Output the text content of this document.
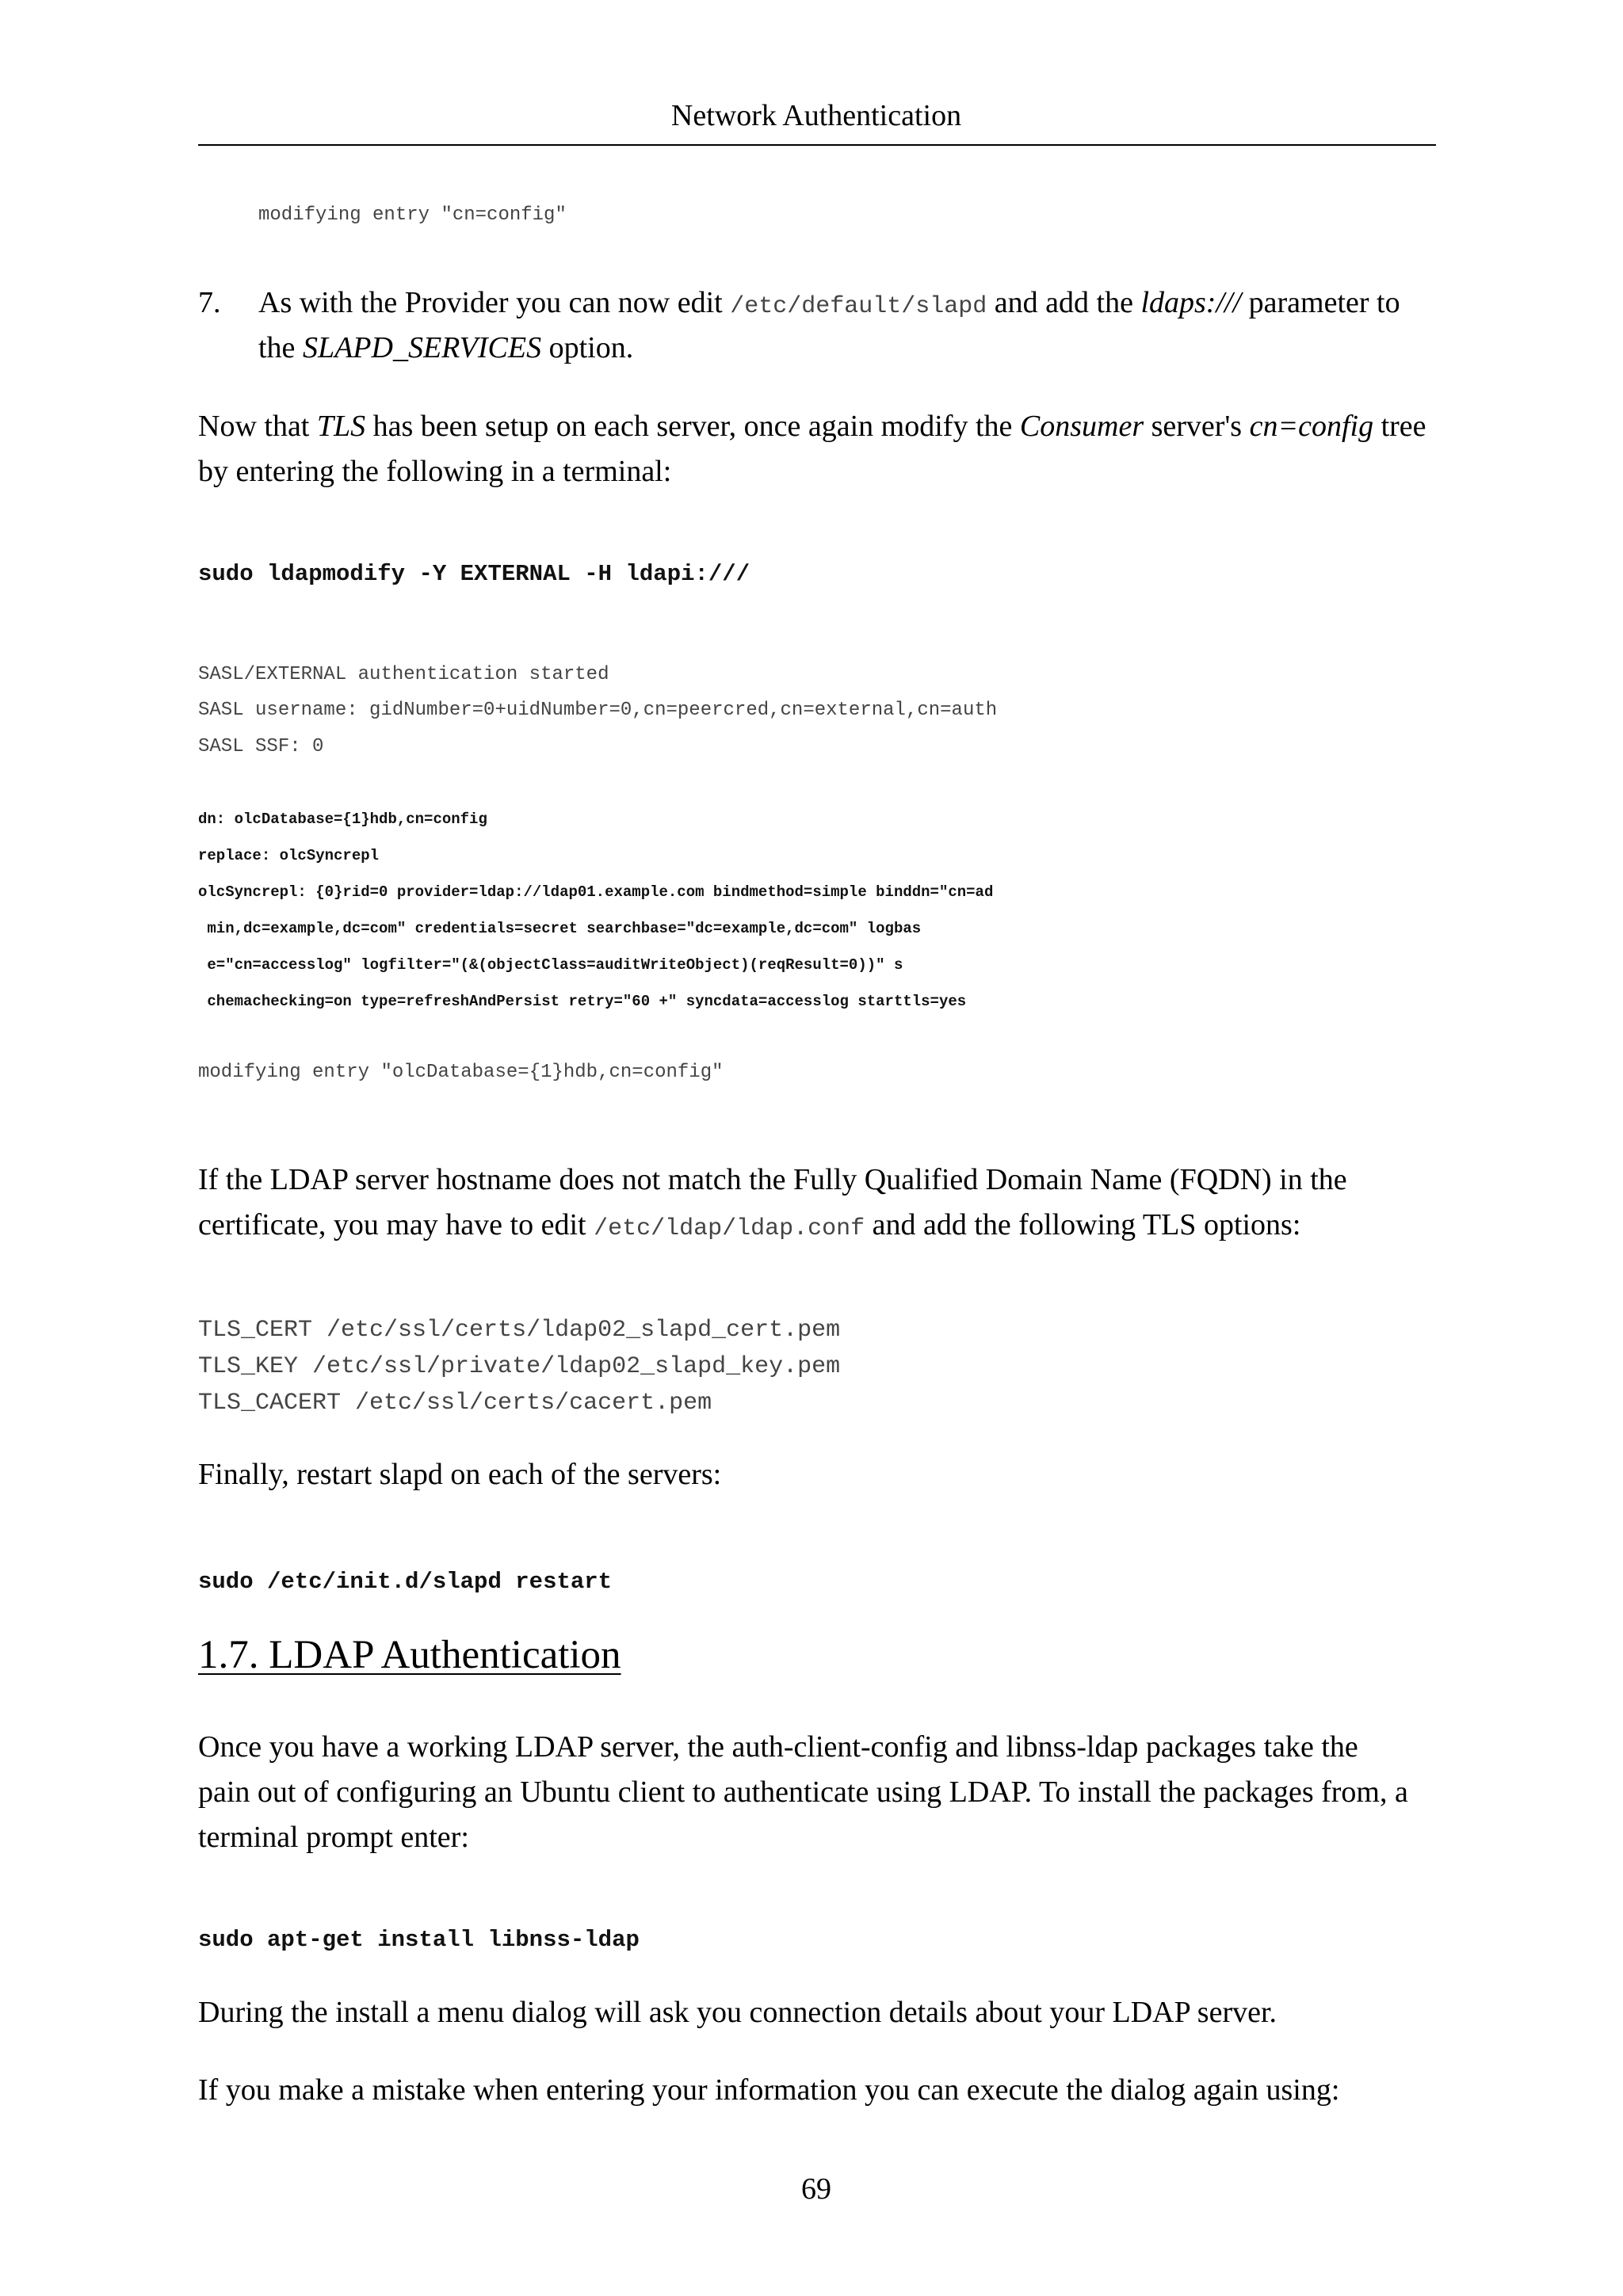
Network Authentication
modifying entry "cn=config"
7. As with the Provider you can now edit /etc/default/slapd and add the ldaps:/// parameter to
the SLAPD_SERVICES option.
Now that TLS has been setup on each server, once again modify the Consumer server's cn=config tree
by entering the following in a terminal:
sudo ldapmodify -Y EXTERNAL -H ldapi:///
SASL/EXTERNAL authentication started
SASL username: gidNumber=0+uidNumber=0,cn=peercred,cn=external,cn=auth
SASL SSF: 0
dn: olcDatabase={1}hdb,cn=config
replace: olcSyncrepl
olcSyncrepl: {0}rid=0 provider=ldap://ldap01.example.com bindmethod=simple binddn="cn=ad
min,dc=example,dc=com" credentials=secret searchbase="dc=example,dc=com" logbas
e="cn=accesslog" logfilter="(&(objectClass=auditWriteObject)(reqResult=0))" s
chemachecking=on type=refreshAndPersist retry="60 +" syncdata=accesslog starttls=yes
modifying entry "olcDatabase={1}hdb,cn=config"
If the LDAP server hostname does not match the Fully Qualified Domain Name (FQDN) in the
certificate, you may have to edit /etc/ldap/ldap.conf and add the following TLS options:
TLS_CERT /etc/ssl/certs/ldap02_slapd_cert.pem
TLS_KEY /etc/ssl/private/ldap02_slapd_key.pem
TLS_CACERT /etc/ssl/certs/cacert.pem
Finally, restart slapd on each of the servers:
sudo /etc/init.d/slapd restart
1.7. LDAP Authentication
Once you have a working LDAP server, the auth-client-config and libnss-ldap packages take the
pain out of configuring an Ubuntu client to authenticate using LDAP. To install the packages from, a
terminal prompt enter:
sudo apt-get install libnss-ldap
During the install a menu dialog will ask you connection details about your LDAP server.
If you make a mistake when entering your information you can execute the dialog again using:
69
